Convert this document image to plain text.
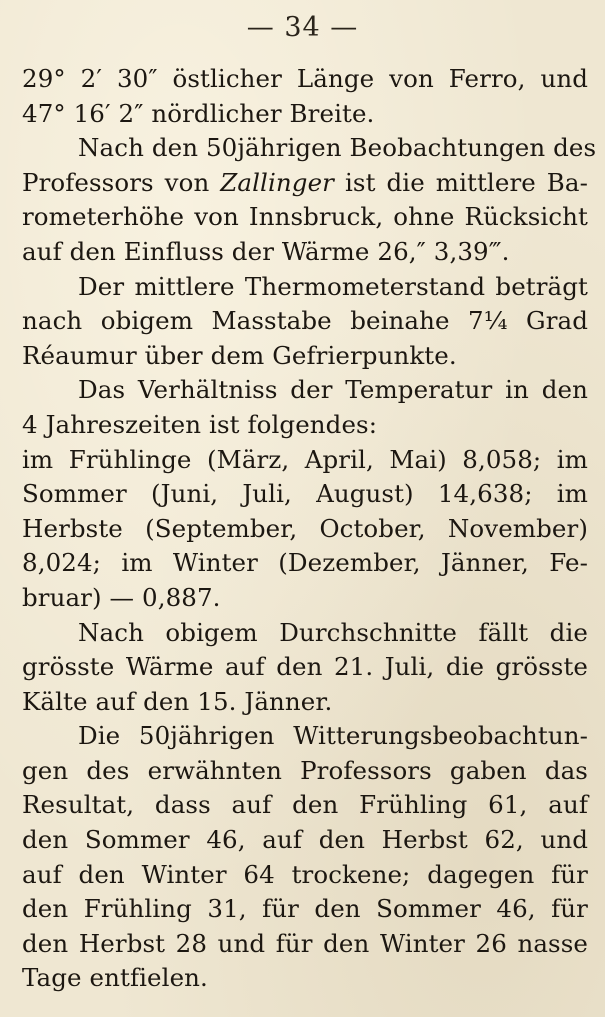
— 34 —
29° 2′ 30″ östlicher Länge von Ferro, und
47° 16′ 2″ nördlicher Breite.
Nach den 50jährigen Beobachtungen des
Professors von Zallinger ist die mittlere Ba-
rometerhöhe von Innsbruck, ohne Rücksicht
auf den Einfluss der Wärme 26,″ 3,39‴.
Der mittlere Thermometerstand beträgt
nach obigem Masstabe beinahe 7¼ Grad
Réaumur über dem Gefrierpunkte.
Das Verhältniss der Temperatur in den
4 Jahreszeiten ist folgendes:
im Frühlinge (März, April, Mai) 8,058; im
Sommer (Juni, Juli, August) 14,638; im
Herbste (September, October, November)
8,024; im Winter (Dezember, Jänner, Fe-
bruar) — 0,887.
Nach obigem Durchschnitte fällt die
grösste Wärme auf den 21. Juli, die grösste
Kälte auf den 15. Jänner.
Die 50jährigen Witterungsbeobachtun-
gen des erwähnten Professors gaben das
Resultat, dass auf den Frühling 61, auf
den Sommer 46, auf den Herbst 62, und
auf den Winter 64 trockene; dagegen für
den Frühling 31, für den Sommer 46, für
den Herbst 28 und für den Winter 26 nasse
Tage entfielen.
